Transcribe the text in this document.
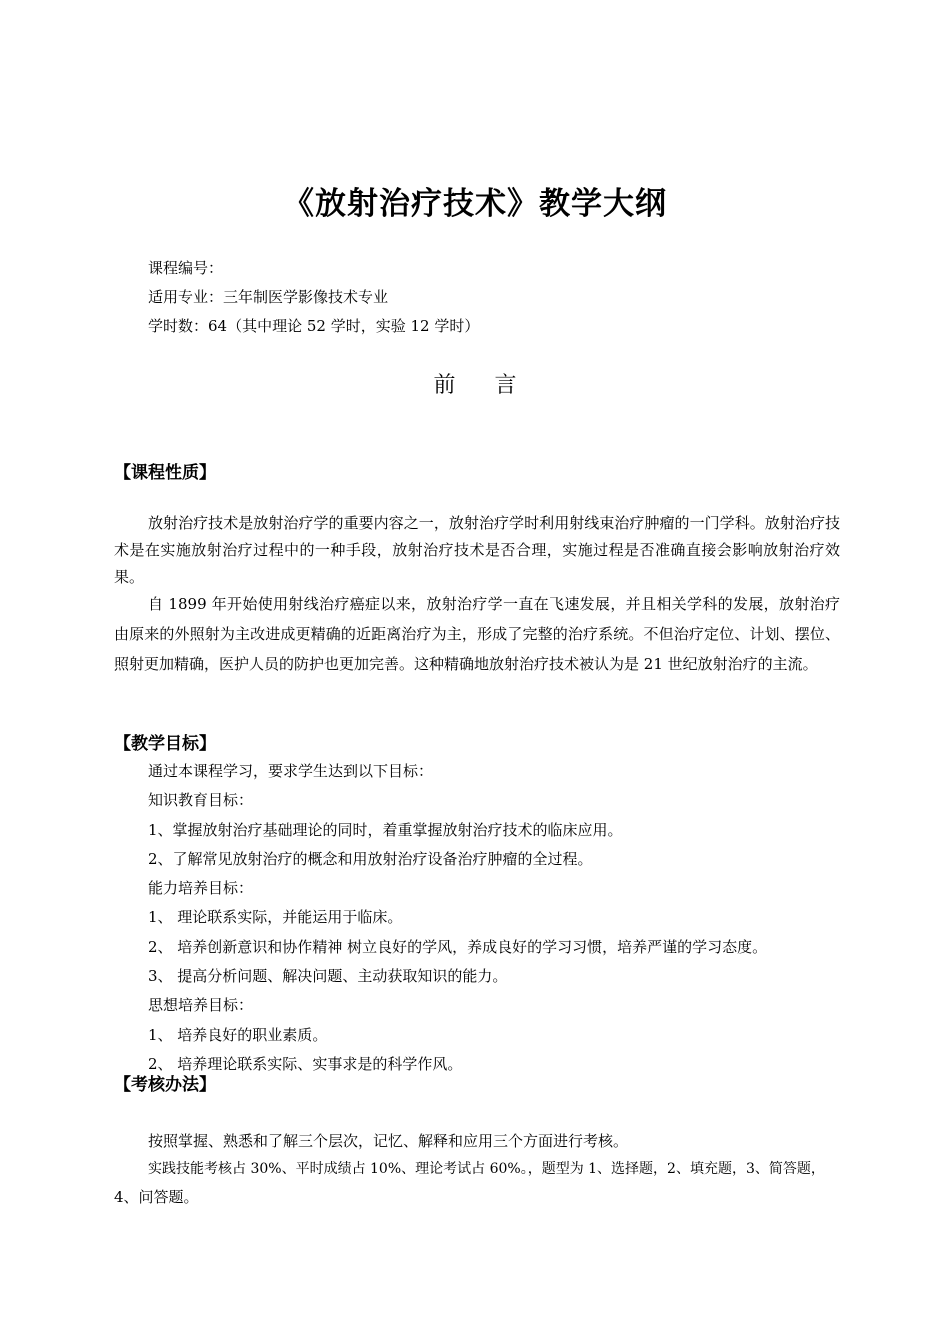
《放射治疗技术》教学大纲
课程编号：
适用专业：三年制医学影像技术专业
学时数：64（其中理论 52 学时，实验 12 学时）
前 言
【课程性质】

放射治疗技术是放射治疗学的重要内容之一，放射治疗学时利用射线束治疗肿瘤的一门学科。放射治疗技术是在实施放射治疗过程中的一种手段，放射治疗技术是否合理，实施过程是否准确直接会影响放射治疗效果。

自 1899 年开始使用射线治疗癌症以来，放射治疗学一直在飞速发展，并且相关学科的发展，放射治疗由原来的外照射为主改进成更精确的近距离治疗为主，形成了完整的治疗系统。不但治疗定位、计划、摆位、照射更加精确，医护人员的防护也更加完善。这种精确地放射治疗技术被认为是 21 世纪放射治疗的主流。

【教学目标】

通过本课程学习，要求学生达到以下目标：

知识教育目标：

1、掌握放射治疗基础理论的同时，着重掌握放射治疗技术的临床应用。

2、了解常见放射治疗的概念和用放射治疗设备治疗肿瘤的全过程。

能力培养目标：

1、 理论联系实际，并能运用于临床。

2、 培养创新意识和协作精神 树立良好的学风，养成良好的学习习惯，培养严谨的学习态度。

3、 提高分析问题、解决问题、主动获取知识的能力。

思想培养目标：

1、 培养良好的职业素质。

2、 培养理论联系实际、实事求是的科学作风。

【考核办法】

按照掌握、熟悉和了解三个层次，记忆、解释和应用三个方面进行考核。

实践技能考核占 30%、平时成绩占 10%、理论考试占 60%。，题型为 1、选择题，2、填充题，3、简答题，

4、问答题。
